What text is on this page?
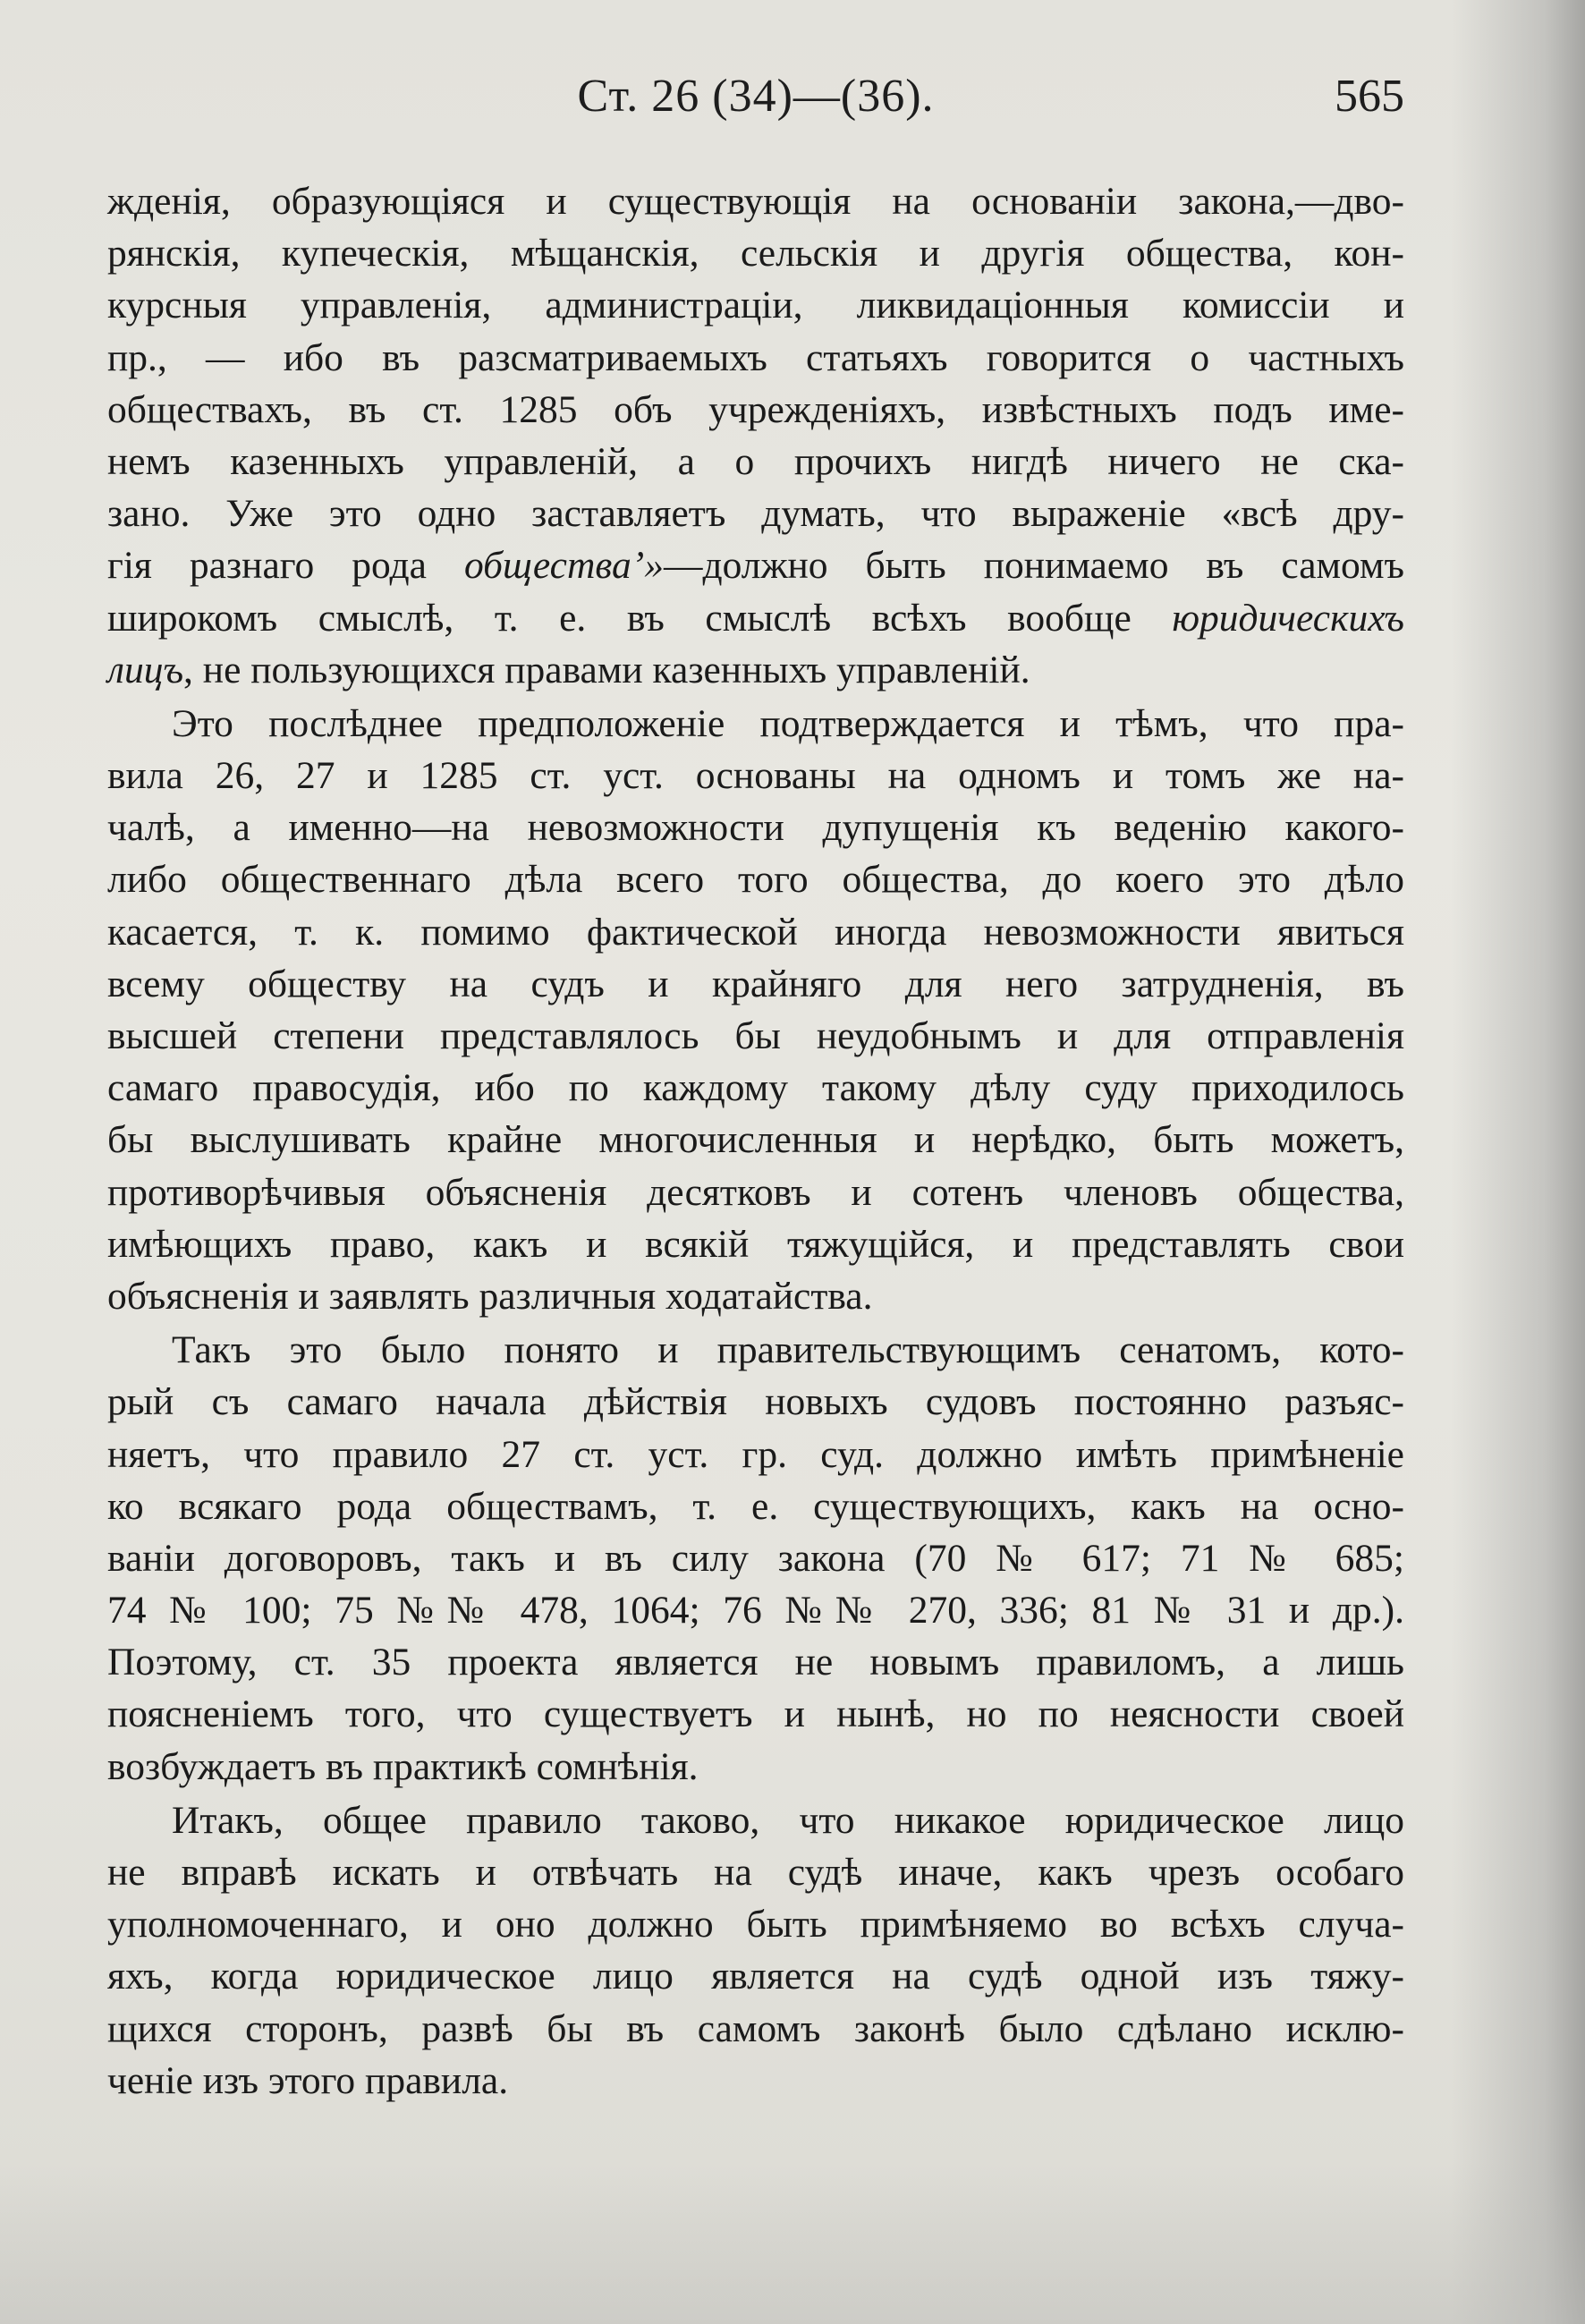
Ст. 26 (34)—(36).	565
жденія, образующіяся и существующія на основаніи закона,—дво-
рянскія, купеческія, мѣщанскія, сельскія и другія общества, кон-
курсныя управленія, администраціи, ликвидаціонныя комиссіи и
пр., — ибо въ разсматриваемыхъ статьяхъ говорится о частныхъ
обществахъ, въ ст. 1285 объ учрежденіяхъ, извѣстныхъ подъ име-
немъ казенныхъ управленій, а о прочихъ нигдѣ ничего не ска-
зано. Уже это одно заставляетъ думать, что выраженіе «всѣ дру-
гія разнаго рода обществаʼ»—должно быть понимаемо въ самомъ
широкомъ смыслѣ, т. е. въ смыслѣ всѣхъ вообще юридическихъ
лицъ, не пользующихся правами казенныхъ управленій.
Это послѣднее предположеніе подтверждается и тѣмъ, что пра-
вила 26, 27 и 1285 ст. уст. основаны на одномъ и томъ же на-
чалѣ, а именно—на невозможности дупущенія къ веденію какого-
либо общественнаго дѣла всего того общества, до коего это дѣло
касается, т. к. помимо фактической иногда невозможности явиться
всему обществу на судъ и крайняго для него затрудненія, въ
высшей степени представлялось бы неудобнымъ и для отправленія
самаго правосудія, ибо по каждому такому дѣлу суду приходилось
бы выслушивать крайне многочисленныя и нерѣдко, быть можетъ,
противорѣчивыя объясненія десятковъ и сотенъ членовъ общества,
имѣющихъ право, какъ и всякій тяжущійся, и представлять свои
объясненія и заявлять различныя ходатайства.
Такъ это было понято и правительствующимъ сенатомъ, кото-
рый съ самаго начала дѣйствія новыхъ судовъ постоянно разъяс-
няетъ, что правило 27 ст. уст. гр. суд. должно имѣть примѣненіе
ко всякаго рода обществамъ, т. е. существующихъ, какъ на осно-
ваніи договоровъ, такъ и въ силу закона (70 № 617; 71 № 685;
74 № 100; 75 №№ 478, 1064; 76 №№ 270, 336; 81 № 31 и др.).
Поэтому, ст. 35 проекта является не новымъ правиломъ, а лишь
поясненіемъ того, что существуетъ и нынѣ, но по неясности своей
возбуждаетъ въ практикѣ сомнѣнія.
Итакъ, общее правило таково, что никакое юридическое лицо
не вправѣ искать и отвѣчать на судѣ иначе, какъ чрезъ особаго
уполномоченнаго, и оно должно быть примѣняемо во всѣхъ случа-
яхъ, когда юридическое лицо является на судѣ одной изъ тяжу-
щихся сторонъ, развѣ бы въ самомъ законѣ было сдѣлано исклю-
ченіе изъ этого правила.
